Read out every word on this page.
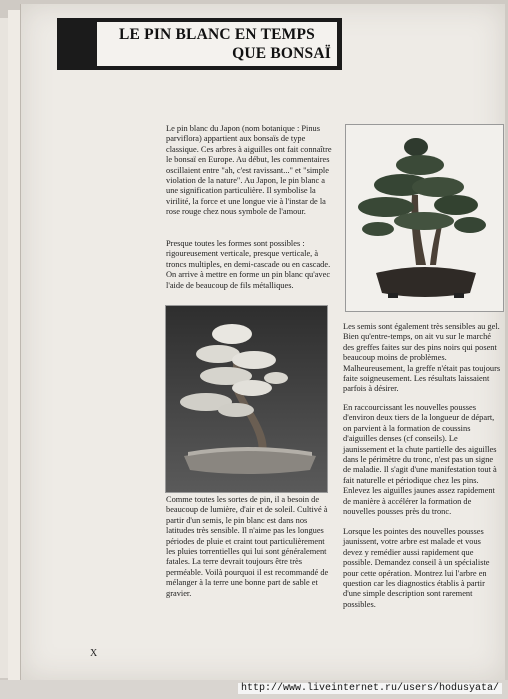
LE PIN BLANC EN TEMPS
QUE BONSAÏ

Le pin blanc du Japon (nom botanique : Pinus parviflora) appartient aux bonsaïs de type classique. Ces arbres à aiguilles ont fait connaître le bonsaï en Europe. Au début, les commentaires oscillaient entre "ah, c'est ravissant..." et "simple violation de la nature". Au Japon, le pin blanc a une signification particulière. Il symbolise la virilité, la force et une longue vie à l'instar de la rose rouge chez nous symbole de l'amour.

Presque toutes les formes sont possibles : rigoureusement verticale, presque verticale, à troncs multiples, en demi-cascade ou en cascade. On arrive à mettre en forme un pin blanc qu'avec l'aide de beaucoup de fils métalliques.

Comme toutes les sortes de pin, il a besoin de beaucoup de lumière, d'air et de soleil. Cultivé à partir d'un semis, le pin blanc est dans nos latitudes très sensible. Il n'aime pas les longues périodes de pluie et craint tout particulièrement les pluies torrentielles qui lui sont généralement fatales. La terre devrait toujours être très perméable. Voilà pourquoi il est recommandé de mélanger à la terre une bonne part de sable et gravier.

Les semis sont également très sensibles au gel. Bien qu'entre-temps, on ait vu sur le marché des greffes faites sur des pins noirs qui posent beaucoup moins de problèmes. Malheureusement, la greffe n'était pas toujours faite soigneusement. Les résultats laissaient parfois à désirer.

En raccourcissant les nouvelles pousses d'environ deux tiers de la longueur de départ, on parvient à la formation de coussins d'aiguilles denses (cf conseils). Le jaunissement et la chute partielle des aiguilles dans le périmètre du tronc, n'est pas un signe de maladie. Il s'agit d'une manifestation tout à fait naturelle et périodique chez les pins. Enlevez les aiguilles jaunes assez rapidement de manière à accélérer la formation de nouvelles pousses près du tronc.

Lorsque les pointes des nouvelles pousses jaunissent, votre arbre est malade et vous devez y remédier aussi rapidement que possible. Demandez conseil à un spécialiste pour cette opération. Montrez lui l'arbre en question car les diagnostics établis à partir d'une simple description sont rarement possibles.

X
http://www.liveinternet.ru/users/hodusyata/
